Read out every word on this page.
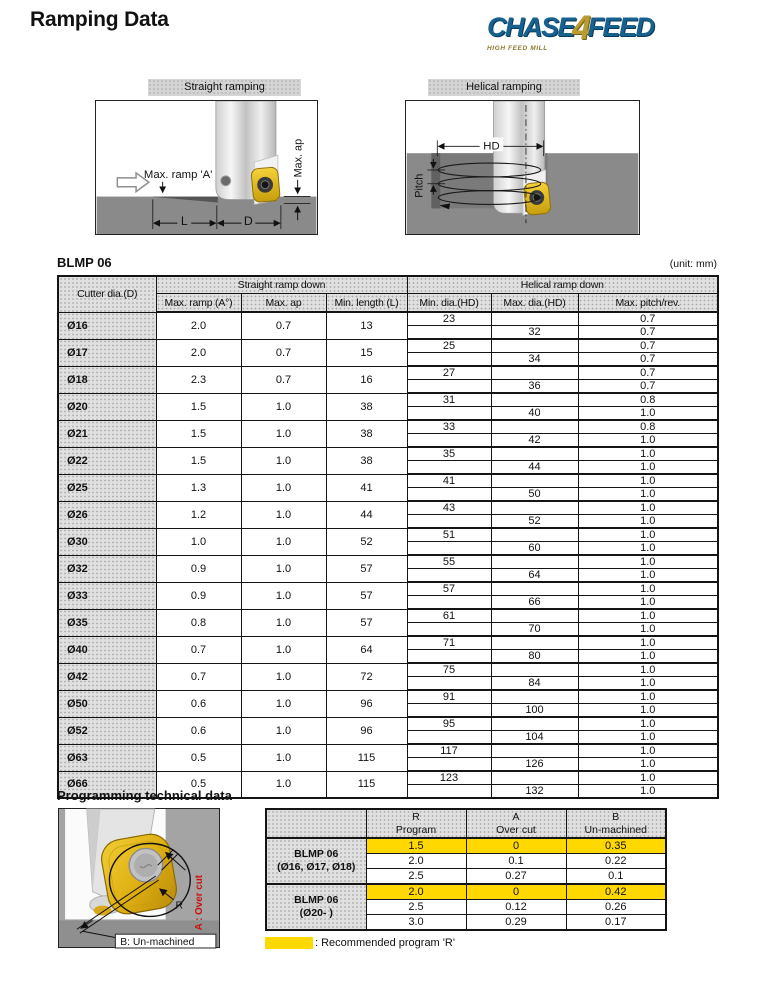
Ramping Data	CHASE4FEED
HIGH FEED MILL
Straight ramping	Helical ramping
Max. ramp 'A'	Max. ap
L	D
HD
Pitch
BLMP 06	(unit: mm)
Cutter dia.(D)	Straight ramp down			Helical ramp down		
	Max. ramp (A°)	Max. ap	Min. length (L)	Min. dia.(HD)	Max. dia.(HD)	Max. pitch/rev.
Ø16	2.0	0.7	13	23		0.7
					32	0.7
Ø17	2.0	0.7	15	25		0.7
					34	0.7
Ø18	2.3	0.7	16	27		0.7
					36	0.7
Ø20	1.5	1.0	38	31		0.8
					40	1.0
Ø21	1.5	1.0	38	33		0.8
					42	1.0
Ø22	1.5	1.0	38	35		1.0
					44	1.0
Ø25	1.3	1.0	41	41		1.0
					50	1.0
Ø26	1.2	1.0	44	43		1.0
					52	1.0
Ø30	1.0	1.0	52	51		1.0
					60	1.0
Ø32	0.9	1.0	57	55		1.0
					64	1.0
Ø33	0.9	1.0	57	57		1.0
					66	1.0
Ø35	0.8	1.0	57	61		1.0
					70	1.0
Ø40	0.7	1.0	64	71		1.0
					80	1.0
Ø42	0.7	1.0	72	75		1.0
					84	1.0
Ø50	0.6	1.0	96	91		1.0
					100	1.0
Ø52	0.6	1.0	96	95		1.0
					104	1.0
Ø63	0.5	1.0	115	117		1.0
					126	1.0
Ø66	0.5	1.0	115	123		1.0
					132	1.0
Programming technical data
R A : Over cut
B: Un-machined

R
Program

A
Over cut

B
Un-machined

BLMP 06
(Ø16, Ø17, Ø18)	1.5	0	0.35
	2.0	0.1	0.22
	2.5	0.27	0.1

BLMP 06
(Ø20- )	2.0	0	0.42
	2.5	0.12	0.26
	3.0	0.29	0.17
: Recommended program 'R'
